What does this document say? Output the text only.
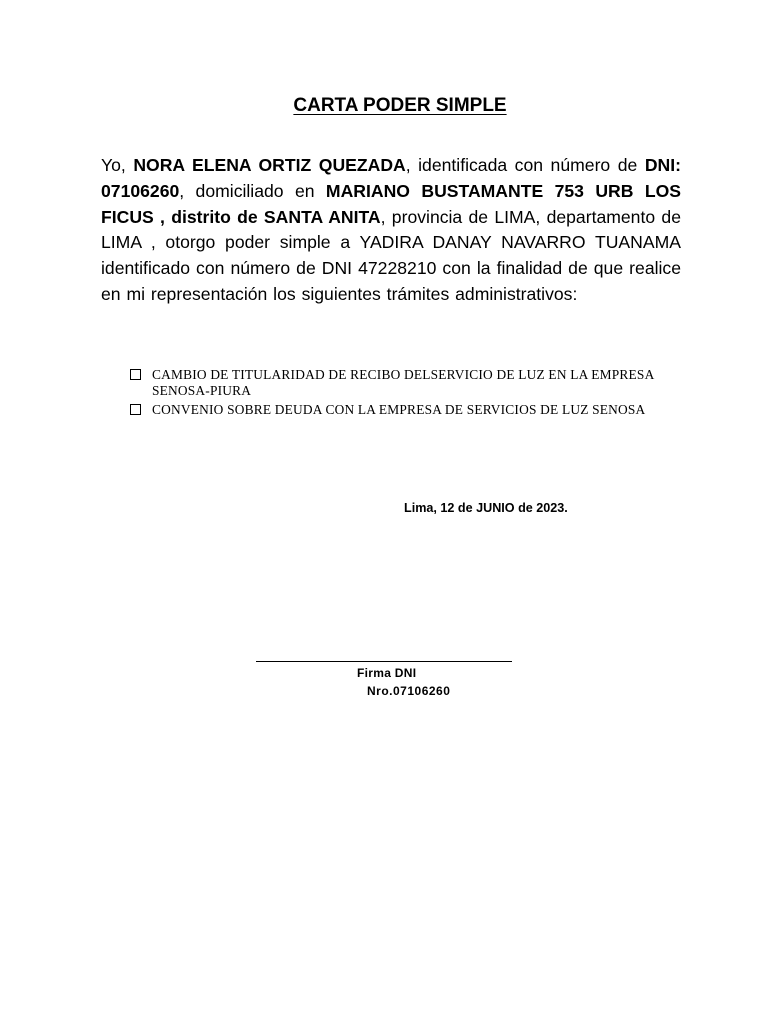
CARTA PODER SIMPLE
Yo, NORA ELENA ORTIZ QUEZADA, identificada con número de DNI: 07106260, domiciliado en MARIANO BUSTAMANTE 753 URB LOS FICUS , distrito de SANTA ANITA, provincia de LIMA, departamento de LIMA , otorgo poder simple a YADIRA DANAY NAVARRO TUANAMA identificado con número de DNI 47228210 con la finalidad de que realice en mi representación los siguientes trámites administrativos:
CAMBIO DE TITULARIDAD DE RECIBO DELSERVICIO DE LUZ EN LA EMPRESA SENOSA-PIURA
CONVENIO SOBRE DEUDA CON LA EMPRESA DE SERVICIOS DE LUZ SENOSA
Lima, 12 de JUNIO de 2023.
Firma DNI
Nro.07106260
